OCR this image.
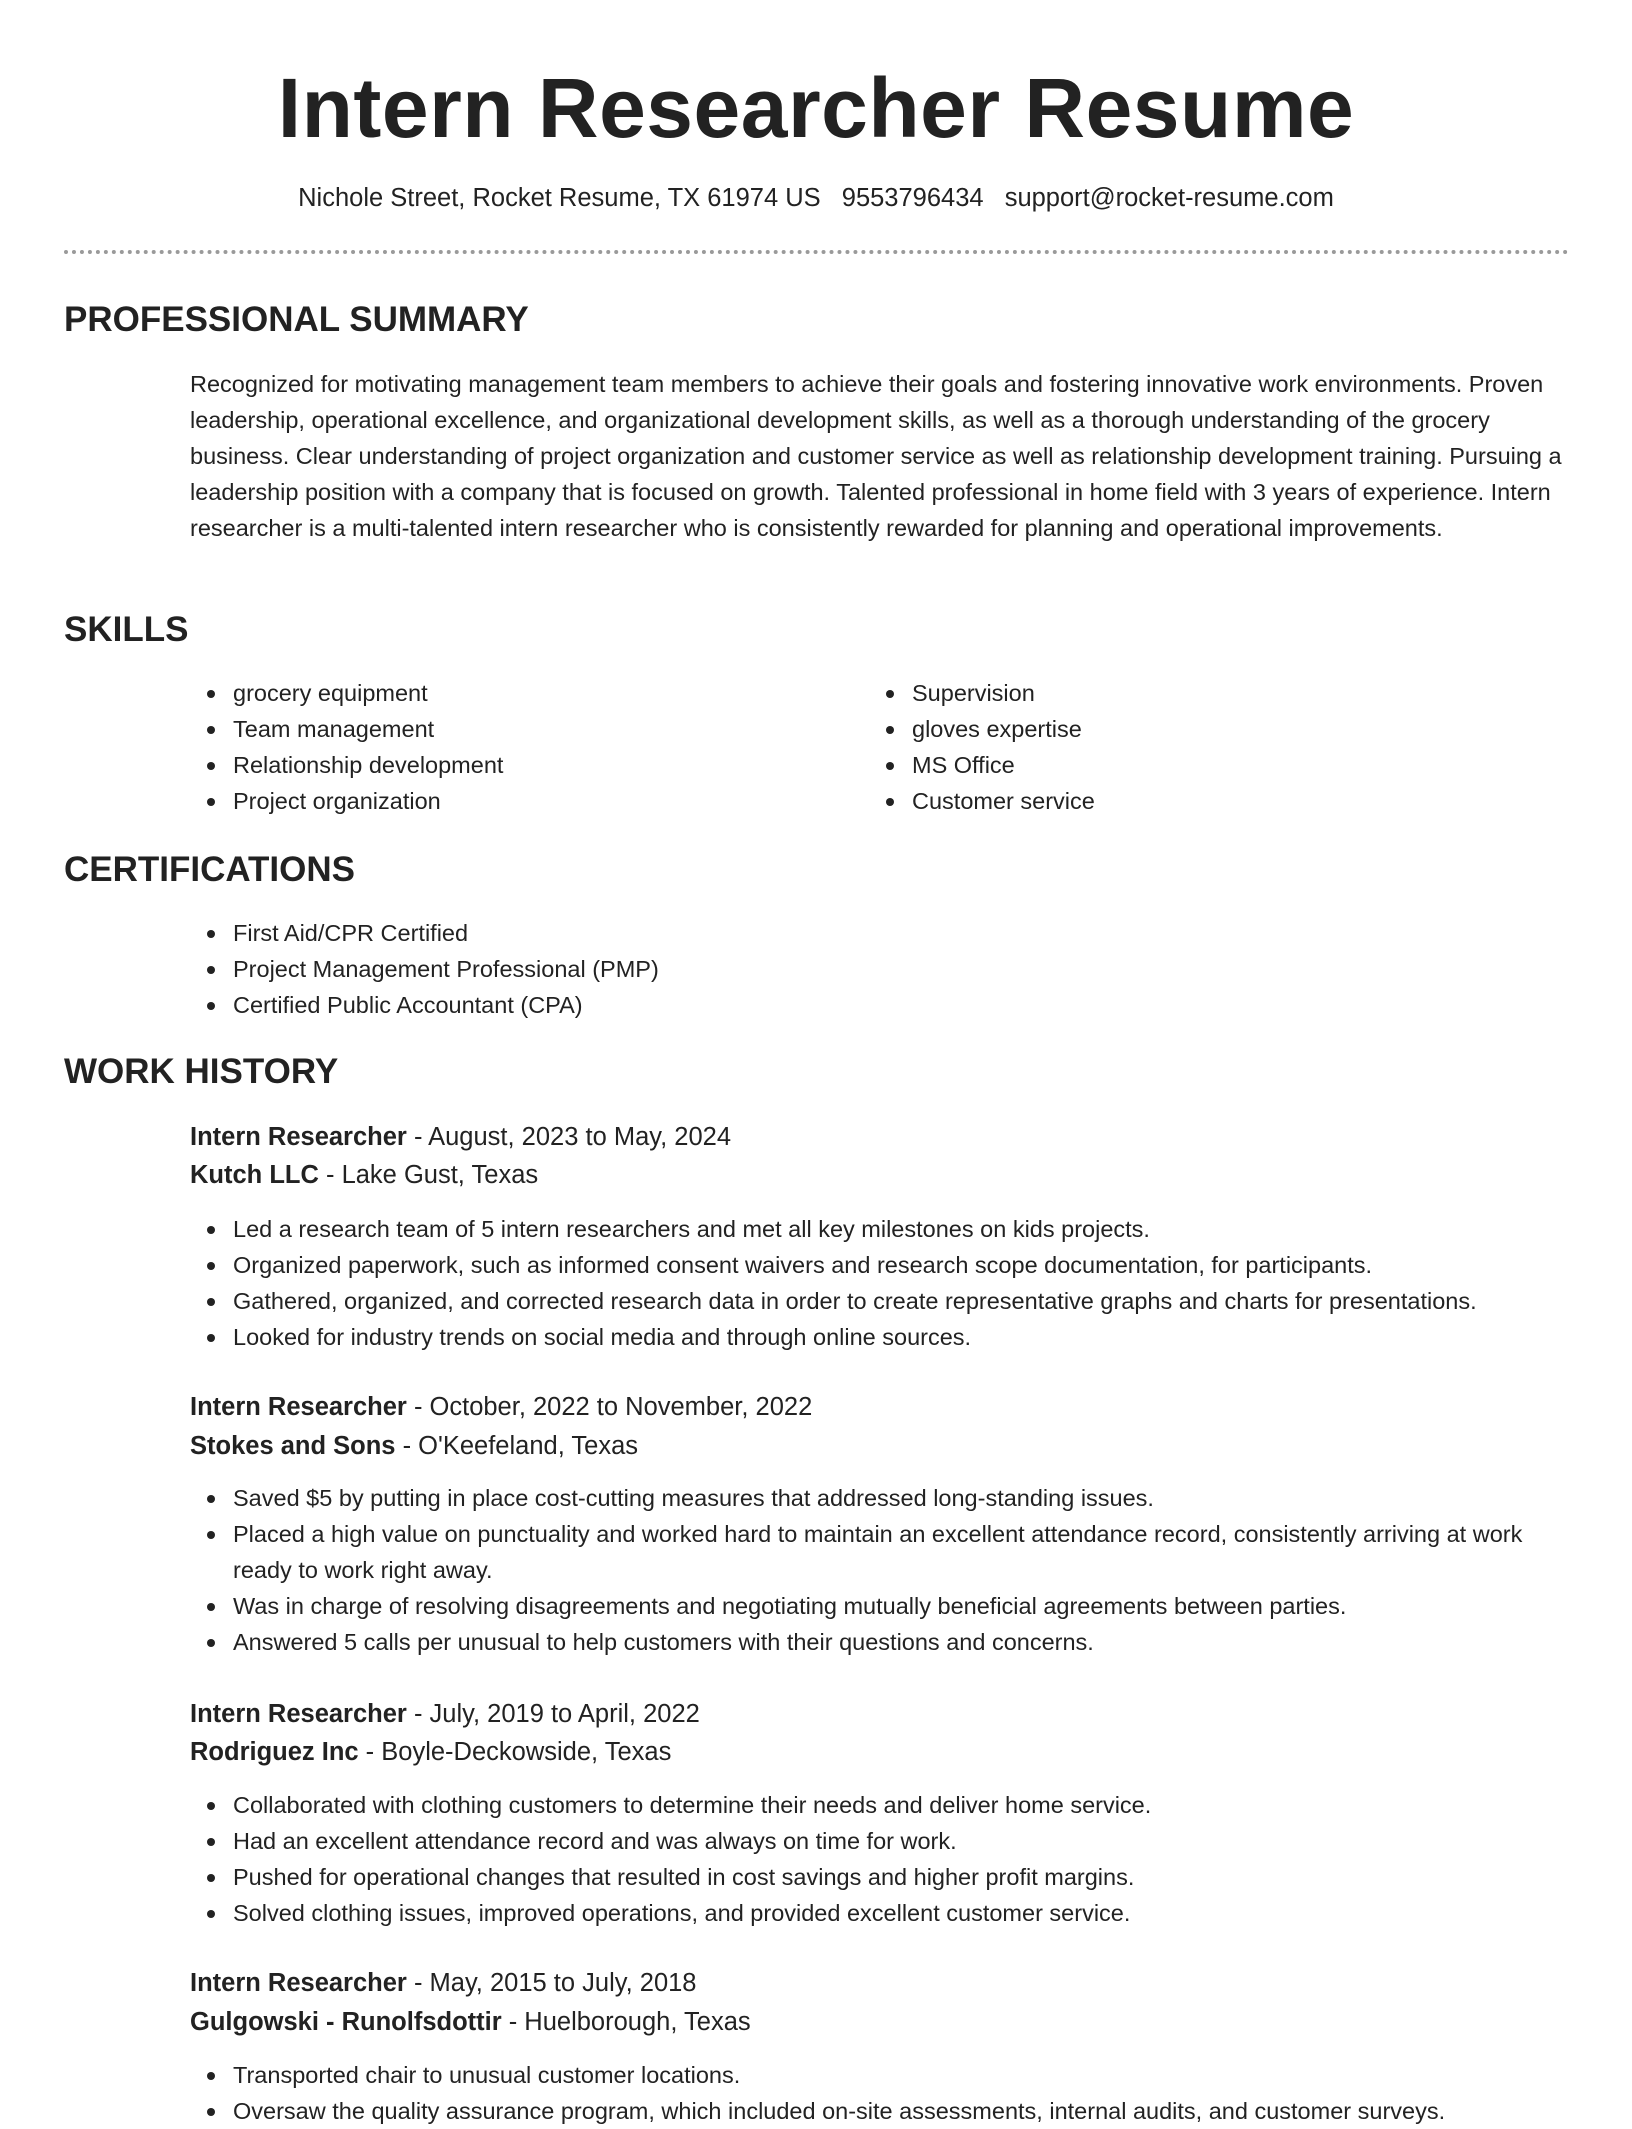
Intern Researcher Resume
Nichole Street, Rocket Resume, TX 61974 US 9553796434 support@rocket-resume.com
PROFESSIONAL SUMMARY
Recognized for motivating management team members to achieve their goals and fostering innovative work environments. Proven leadership, operational excellence, and organizational development skills, as well as a thorough understanding of the grocery business. Clear understanding of project organization and customer service as well as relationship development training. Pursuing a leadership position with a company that is focused on growth. Talented professional in home field with 3 years of experience. Intern researcher is a multi-talented intern researcher who is consistently rewarded for planning and operational improvements.
SKILLS
grocery equipment
Team management
Relationship development
Project organization
Supervision
gloves expertise
MS Office
Customer service
CERTIFICATIONS
First Aid/CPR Certified
Project Management Professional (PMP)
Certified Public Accountant (CPA)
WORK HISTORY
Intern Researcher - August, 2023 to May, 2024
Kutch LLC - Lake Gust, Texas
Led a research team of 5 intern researchers and met all key milestones on kids projects.
Organized paperwork, such as informed consent waivers and research scope documentation, for participants.
Gathered, organized, and corrected research data in order to create representative graphs and charts for presentations.
Looked for industry trends on social media and through online sources.
Intern Researcher - October, 2022 to November, 2022
Stokes and Sons - O'Keefeland, Texas
Saved $5 by putting in place cost-cutting measures that addressed long-standing issues.
Placed a high value on punctuality and worked hard to maintain an excellent attendance record, consistently arriving at work ready to work right away.
Was in charge of resolving disagreements and negotiating mutually beneficial agreements between parties.
Answered 5 calls per unusual to help customers with their questions and concerns.
Intern Researcher - July, 2019 to April, 2022
Rodriguez Inc - Boyle-Deckowside, Texas
Collaborated with clothing customers to determine their needs and deliver home service.
Had an excellent attendance record and was always on time for work.
Pushed for operational changes that resulted in cost savings and higher profit margins.
Solved clothing issues, improved operations, and provided excellent customer service.
Intern Researcher - May, 2015 to July, 2018
Gulgowski - Runolfsdottir - Huelborough, Texas
Transported chair to unusual customer locations.
Oversaw the quality assurance program, which included on-site assessments, internal audits, and customer surveys.
